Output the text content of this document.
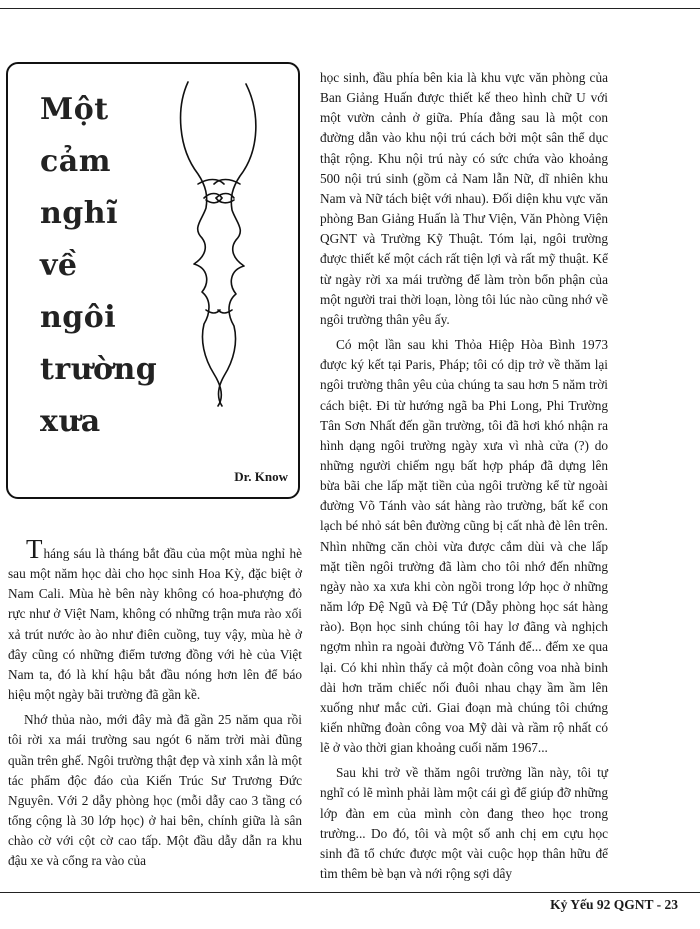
Một
cảm
nghĩ
về
ngôi
trường
xưa
Dr. Know

Tháng sáu là tháng bắt đầu của một mùa nghỉ hè sau một năm học dài cho học sinh Hoa Kỳ, đặc biệt ở Nam Cali. Mùa hè bên này không có hoa-phượng đỏ rực như ở Việt Nam, không có những trận mưa rào xối xả trút nước ào ào như điên cuồng, tuy vậy, mùa hè ở đây cũng có những điểm tương đồng với hè của Việt Nam ta, đó là khí hậu bắt đầu nóng hơn lên để báo hiệu một ngày bãi trường đã gần kề.

Nhớ thủa nào, mới đây mà đã gần 25 năm qua rồi tôi rời xa mái trường sau ngót 6 năm trời mài đũng quần trên ghế. Ngôi trường thật đẹp và xinh xắn là một tác phẩm độc đáo của Kiến Trúc Sư Trương Đức Nguyên. Với 2 dẫy phòng học (mỗi dẫy cao 3 tầng có tổng cộng là 30 lớp học) ở hai bên, chính giữa là sân chào cờ với cột cờ cao tấp. Một đầu dẫy dẫn ra khu đậu xe và cổng ra vào của

học sinh, đầu phía bên kia là khu vực văn phòng của Ban Giảng Huấn được thiết kế theo hình chữ U với một vườn cảnh ở giữa. Phía đằng sau là một con đường dẫn vào khu nội trú cách bởi một sân thể dục thật rộng. Khu nội trú này có sức chứa vào khoảng 500 nội trú sinh (gồm cả Nam lẫn Nữ, dĩ nhiên khu Nam và Nữ tách biệt với nhau). Đối diện khu vực văn phòng Ban Giảng Huấn là Thư Viện, Văn Phòng Viện QGNT và Trường Kỹ Thuật. Tóm lại, ngôi trường được thiết kế một cách rất tiện lợi và rất mỹ thuật. Kể từ ngày rời xa mái trường để làm tròn bổn phận của một người trai thời loạn, lòng tôi lúc nào cũng nhớ về ngôi trường thân yêu ấy.

Có một lần sau khi Thỏa Hiệp Hòa Bình 1973 được ký kết tại Paris, Pháp; tôi có dịp trở về thăm lại ngôi trường thân yêu của chúng ta sau hơn 5 năm trời cách biệt. Đi từ hướng ngã ba Phi Long, Phi Trường Tân Sơn Nhất đến gần trường, tôi đã hơi khó nhận ra hình dạng ngôi trường ngày xưa vì nhà cửa (?) do những người chiếm ngụ bất hợp pháp đã dựng lên bừa bãi che lấp mặt tiền của ngôi trường kể từ ngoài đường Võ Tánh vào sát hàng rào trường, bất kể con lạch bé nhỏ sát bên đường cũng bị cất nhà đè lên trên. Nhìn những căn chòi vừa được cắm dùi và che lấp mặt tiền ngôi trường đã làm cho tôi nhớ đến những ngày nào xa xưa khi còn ngồi trong lớp học ở những năm lớp Đệ Ngũ và Đệ Tứ (Dẫy phòng học sát hàng rào). Bọn học sinh chúng tôi hay lơ đãng và nghịch ngợm nhìn ra ngoài đường Võ Tánh để... đếm xe qua lại. Có khi nhìn thấy cả một đoàn công voa nhà binh dài hơn trăm chiếc nối đuôi nhau chạy ầm ầm lên xuống như mắc cửi. Giai đoạn mà chúng tôi chứng kiến những đoàn công voa Mỹ dài và rầm rộ nhất có lẽ ở vào thời gian khoảng cuối năm 1967...

Sau khi trở về thăm ngôi trường lần này, tôi tự nghĩ có lẽ mình phải làm một cái gì để giúp đỡ những lớp đàn em của mình còn đang theo học trong trường... Do đó, tôi và một số anh chị em cựu học sinh đã tổ chức được một vài cuộc họp thân hữu để tìm thêm bè bạn và nới rộng sợi dây

Kỷ Yếu 92 QGNT - 23
